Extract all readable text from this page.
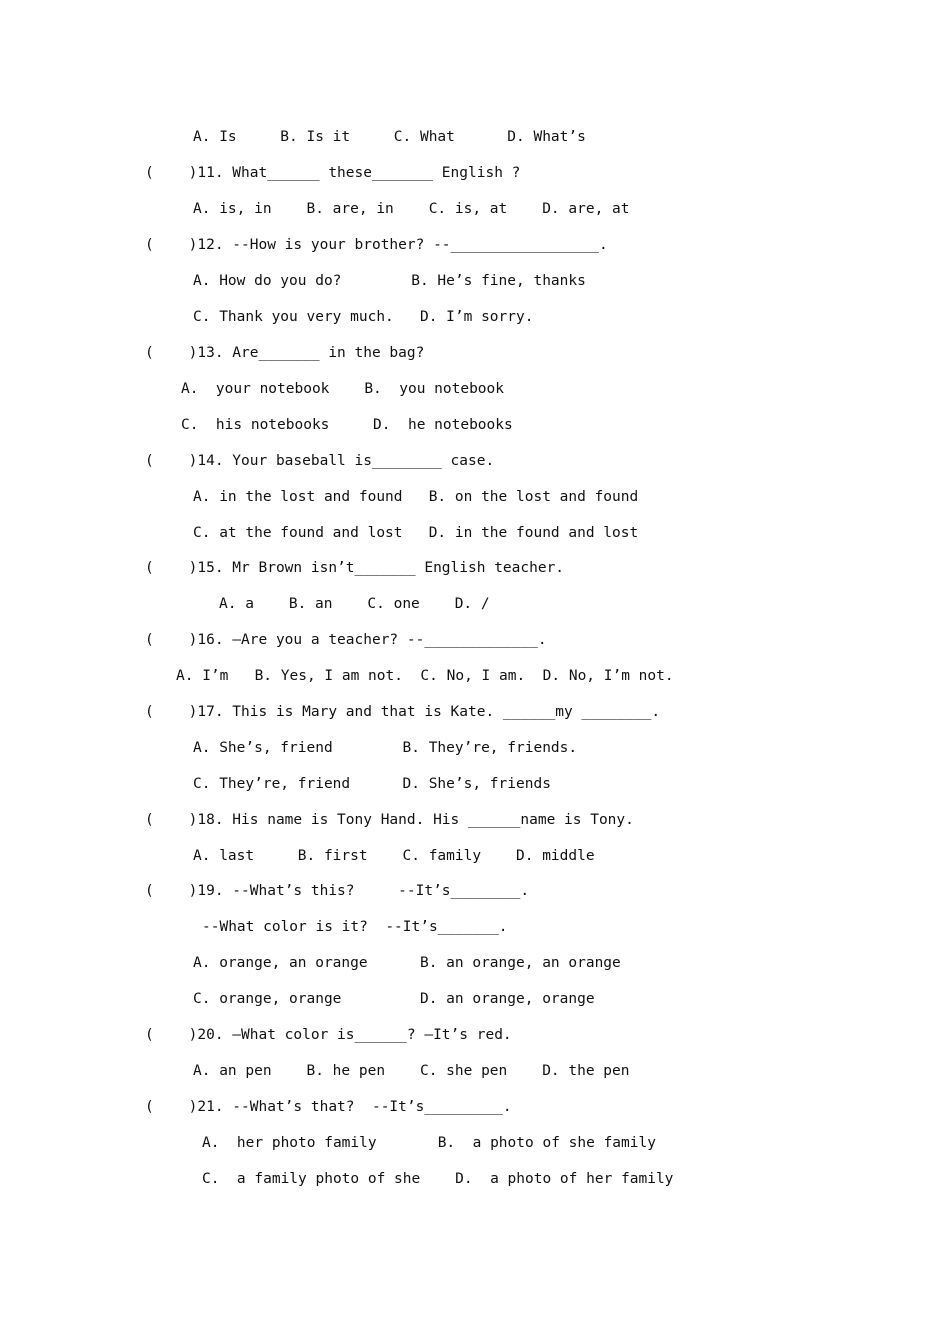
A. Is     B. Is it     C. What      D. What’s
(    )11. What______ these_______ English ?
A. is, in    B. are, in    C. is, at    D. are, at
(    )12. --How is your brother? --_________________.
A. How do you do?        B. He’s fine, thanks
C. Thank you very much.   D. I’m sorry.
(    )13. Are_______ in the bag?
A.  your notebook    B.  you notebook
C.  his notebooks     D.  he notebooks
(    )14. Your baseball is________ case.
A. in the lost and found   B. on the lost and found
C. at the found and lost   D. in the found and lost
(    )15. Mr Brown isn’t_______ English teacher.
A. a    B. an    C. one    D. /
(    )16. –Are you a teacher? --_____________.
A. I’m   B. Yes, I am not.  C. No, I am.  D. No, I’m not.
(    )17. This is Mary and that is Kate. ______my ________.
A. She’s, friend        B. They’re, friends.
C. They’re, friend      D. She’s, friends
(    )18. His name is Tony Hand. His ______name is Tony.
A. last     B. first    C. family    D. middle
(    )19. --What’s this?     --It’s________.
--What color is it?  --It’s_______.
A. orange, an orange      B. an orange, an orange
C. orange, orange         D. an orange, orange
(    )20. –What color is______? –It’s red.
A. an pen    B. he pen    C. she pen    D. the pen
(    )21. --What’s that?  --It’s_________.
A.  her photo family       B.  a photo of she family
C.  a family photo of she    D.  a photo of her family
